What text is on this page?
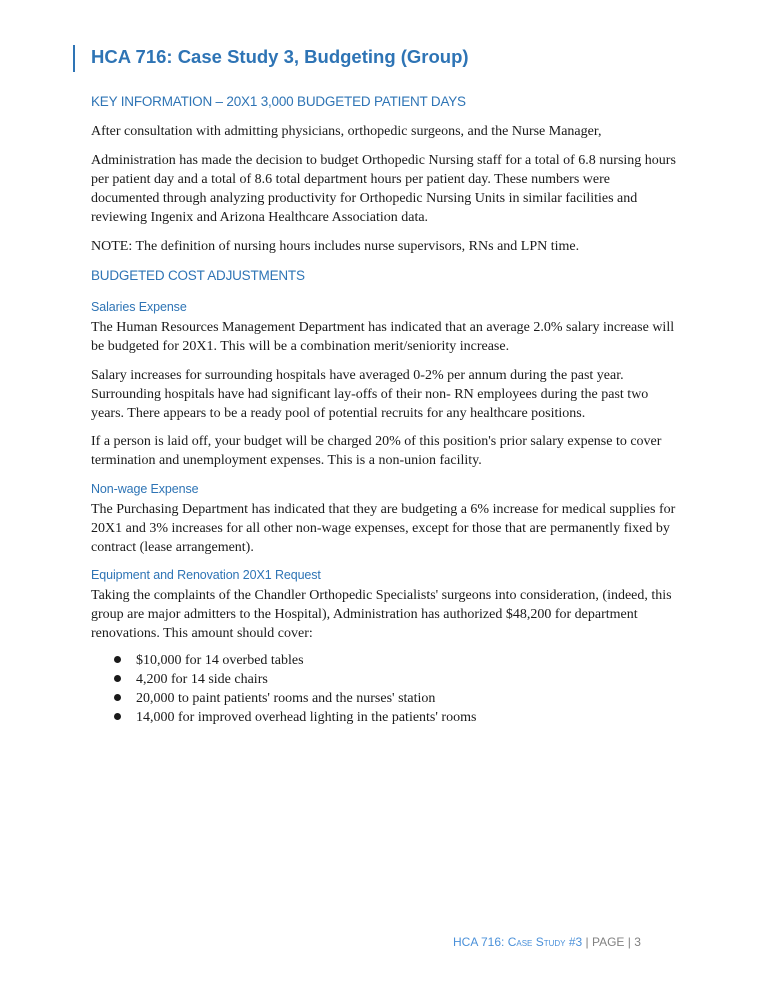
HCA 716: Case Study 3, Budgeting (Group)
KEY INFORMATION – 20X1 3,000 BUDGETED PATIENT DAYS

After consultation with admitting physicians, orthopedic surgeons, and the Nurse Manager,

Administration has made the decision to budget Orthopedic Nursing staff for a total of 6.8 nursing hours per patient day and a total of 8.6 total department hours per patient day. These numbers were documented through analyzing productivity for Orthopedic Nursing Units in similar facilities and reviewing Ingenix and Arizona Healthcare Association data.

NOTE: The definition of nursing hours includes nurse supervisors, RNs and LPN time.

BUDGETED COST ADJUSTMENTS
Salaries Expense

The Human Resources Management Department has indicated that an average 2.0% salary increase will be budgeted for 20X1. This will be a combination merit/seniority increase.

Salary increases for surrounding hospitals have averaged 0-2% per annum during the past year. Surrounding hospitals have had significant lay-offs of their non- RN employees during the past two years. There appears to be a ready pool of potential recruits for any healthcare positions.

If a person is laid off, your budget will be charged 20% of this position's prior salary expense to cover termination and unemployment expenses. This is a non-union facility.

Non-wage Expense

The Purchasing Department has indicated that they are budgeting a 6% increase for medical supplies for 20X1 and 3% increases for all other non-wage expenses, except for those that are permanently fixed by contract (lease arrangement).

Equipment and Renovation 20X1 Request

Taking the complaints of the Chandler Orthopedic Specialists' surgeons into consideration, (indeed, this group are major admitters to the Hospital), Administration has authorized $48,200 for department renovations. This amount should cover:

$10,000 for 14 overbed tables
4,200 for 14 side chairs
20,000 to paint patients' rooms and the nurses' station
14,000 for improved overhead lighting in the patients' rooms
HCA 716: Case Study #3 | PAGE | 3
